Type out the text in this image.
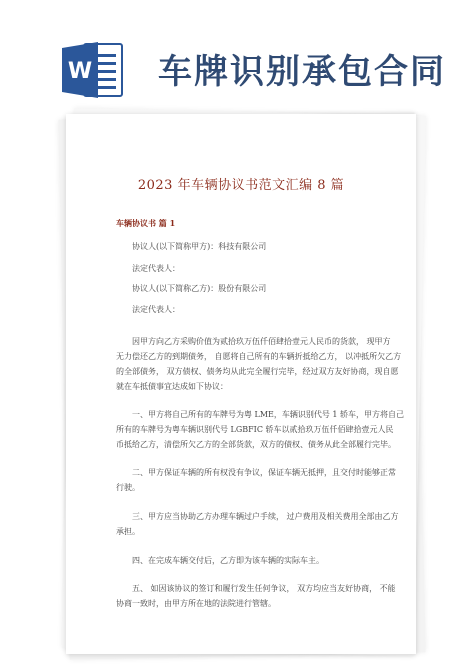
W 车牌识别承包合同
2023 年车辆协议书范文汇编 8 篇
车辆协议书 篇 1
协议人(以下简称甲方)：科技有限公司
法定代表人：
协议人(以下简称乙方)：股份有限公司
法定代表人：
因甲方向乙方采购价值为贰拾玖万伍仟佰肆拾壹元人民币的货款， 现甲方
无力偿还乙方的到期债务， 自愿将自己所有的车辆折抵给乙方， 以冲抵所欠乙方
的全部债务， 双方债权、债务均从此完全履行完毕，经过双方友好协商，现自愿
就在车抵债事宜达成如下协议：
一、甲方将自己所有的车牌号为粤 LME，车辆识别代号 1 轿车，甲方将自己
所有的车牌号为粤车辆识别代号 LGBFIC 轿车以贰拾玖万伍仟佰肆拾壹元人民
币抵给乙方，清偿所欠乙方的全部货款，双方的债权、债务从此全部履行完毕。
二、甲方保证车辆的所有权没有争议，保证车辆无抵押，且交付时能够正常
行驶。
三、甲方应当协助乙方办理车辆过户手续， 过户费用及相关费用全部由乙方
承担。
四、在完成车辆交付后，乙方即为该车辆的实际车主。
五、 如因该协议的签订和履行发生任何争议， 双方均应当友好协商， 不能
协商一致时，由甲方所在地的法院进行管辖。
